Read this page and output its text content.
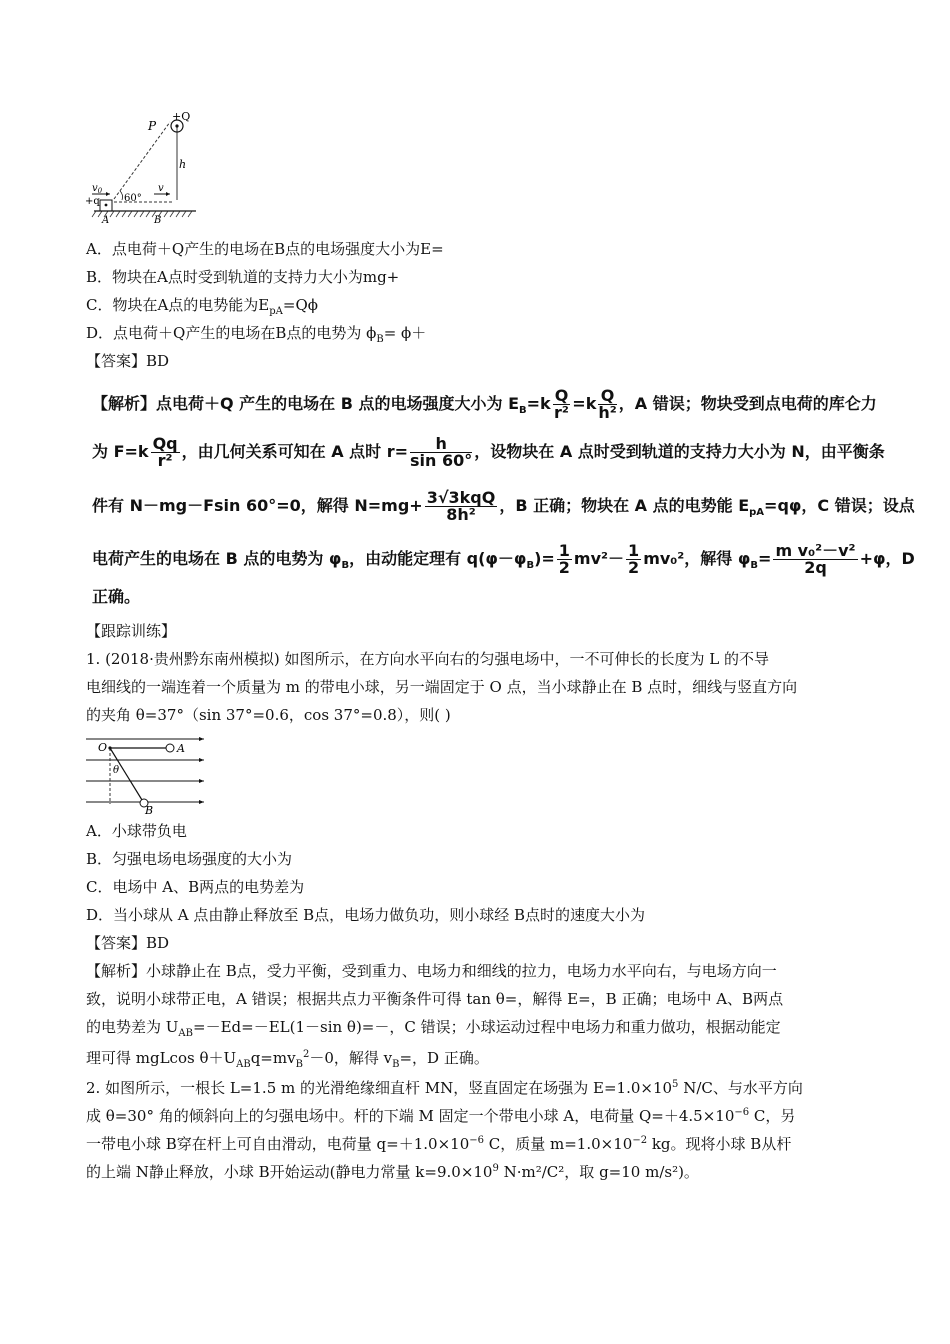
P
+Q
h
$v_0$
+q 60°
v
A	B
A．点电荷＋Q产生的电场在B点的电场强度大小为E=
B．物块在A点时受到轨道的支持力大小为mg+
C．物块在A点的电势能为$E_{pA}=Q\phi$
D．点电荷＋Q产生的电场在B点的电势为 $\phi_B= \phi+$
【答案】BD
【解析】点电荷＋Q 产生的电场在 B 点的电场强度大小为 $E_B=k \frac{Q}{\text{r²}} =k \frac{Q}{\text{h²}}$ ，A 错误；物块受到点电荷的库仑力
为 $F=k \frac{Qq}{\text{r²}}$ ，由几何关系可知在 A 点时 $r= \frac{h}{\sin 60^\circ}$ ，设物块在 A 点时受到轨道的支持力大小为 N，由平衡条
件有 N－mg－Fsin 60°=0，解得 $N=mg+ \frac{\text{3√3kqQ}}{\text{8h²}}$ ，B 正确；物块在 A 点的电势能 $E_{pA}=q\varphi$，C 错误；设点
电荷产生的电场在 B 点的电势为 $\varphi_B$，由动能定理有 $q(\varphi-\varphi_B)= \frac{1}{2} mv^2- \frac{1}{2} mv_0^2$，解得 $\varphi_B= \frac{\text{m v₀²－v²}}{2q} +\varphi$，D
正确。
【跟踪训练】
1. (2018·贵州黔东南州模拟) 如图所示，在方向水平向右的匀强电场中，一不可伸长的长度为 L 的不导
电细线的一端连着一个质量为 m 的带电小球，另一端固定于 O 点，当小球静止在 B 点时，细线与竖直方向
的夹角 θ=37°（sin 37°=0.6，cos 37°=0.8），则( )
O	A
θ
B
A．小球带负电
B．匀强电场电场强度的大小为
C．电场中 A、B两点的电势差为
D．当小球从 A 点由静止释放至 B点，电场力做负功，则小球经 B点时的速度大小为
【答案】BD
【解析】小球静止在 B点，受力平衡，受到重力、电场力和细线的拉力，电场力水平向右，与电场方向一
致，说明小球带正电，A 错误；根据共点力平衡条件可得 tan θ=，解得 E=，B 正确；电场中 A、B两点
的电势差为 $U_{AB}=-Ed=-EL(1-\sin$ θ)=－，C 错误；小球运动过程中电场力和重力做功，根据动能定
理可得 mgLcos $\theta+U_{AB}q=mv_B^2-0$，解得 $v_B=$，D 正确。
2. 如图所示，一根长 L=1.5 m 的光滑绝缘细直杆 MN，竖直固定在场强为 $E=1.0\times 10^5$ N/C、与水平方向
成 θ=30° 角的倾斜向上的匀强电场中。杆的下端 M 固定一个带电小球 A，电荷量 $Q=+4.5\times 10^{-6}$ C，另
一带电小球 B穿在杆上可自由滑动，电荷量 $q=+1.0\times 10^{-6}$ C，质量 $m=1.0\times 10^{-2}$ kg。现将小球 B从杆
的上端 N静止释放，小球 B开始运动(静电力常量 $k=9.0\times 10^9$ N·m²/C²，取 g=10 m/s²)。
